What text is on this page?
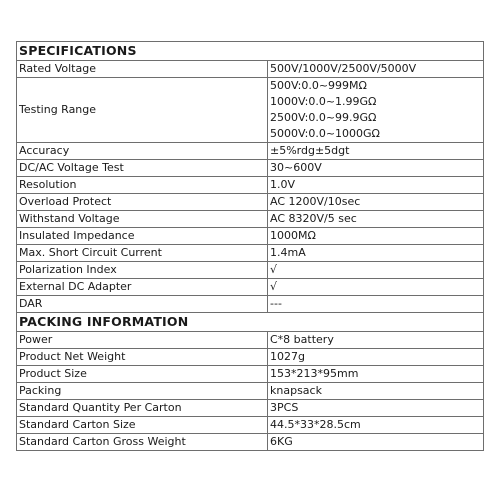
SPECIFICATIONS	
Rated Voltage	500V/1000V/2500V/5000V
Testing Range	500V:0.0~999MΩ
1000V:0.0~1.99GΩ
2500V:0.0~99.9GΩ
5000V:0.0~1000GΩ

Accuracy	±5%rdg±5dgt
DC/AC Voltage Test	30~600V
Resolution	1.0V
Overload Protect	AC 1200V/10sec
Withstand Voltage	AC 8320V/5 sec
Insulated Impedance	1000MΩ
Max. Short Circuit Current	1.4mA
Polarization Index	√
External DC Adapter	√
DAR	---
PACKING INFORMATION	
Power	C*8 battery
Product Net Weight	1027g
Product Size	153*213*95mm
Packing	knapsack
Standard Quantity Per Carton	3PCS
Standard Carton Size	44.5*33*28.5cm
Standard Carton Gross Weight	6KG
